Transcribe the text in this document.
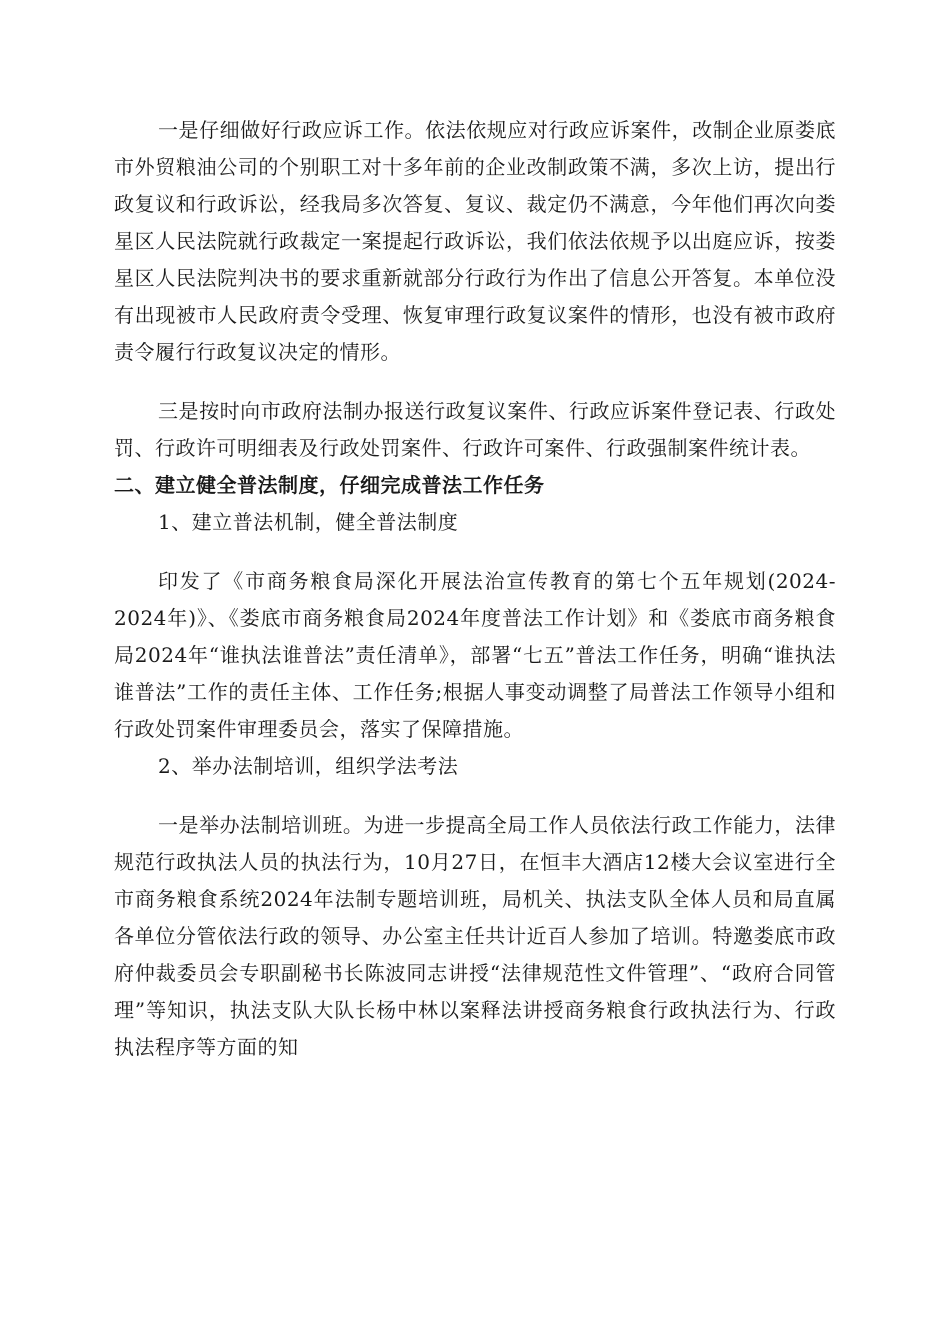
一是仔细做好行政应诉工作。依法依规应对行政应诉案件，改制企业原娄底市外贸粮油公司的个别职工对十多年前的企业改制政策不满，多次上访，提出行政复议和行政诉讼，经我局多次答复、复议、裁定仍不满意，今年他们再次向娄星区人民法院就行政裁定一案提起行政诉讼，我们依法依规予以出庭应诉，按娄星区人民法院判决书的要求重新就部分行政行为作出了信息公开答复。本单位没有出现被市人民政府责令受理、恢复审理行政复议案件的情形，也没有被市政府责令履行行政复议决定的情形。

三是按时向市政府法制办报送行政复议案件、行政应诉案件登记表、行政处罚、行政许可明细表及行政处罚案件、行政许可案件、行政强制案件统计表。

二、建立健全普法制度，仔细完成普法工作任务

1、建立普法机制，健全普法制度

印发了《市商务粮食局深化开展法治宣传教育的第七个五年规划(2024-2024年)》、《娄底市商务粮食局2024年度普法工作计划》和《娄底市商务粮食局2024年“谁执法谁普法”责任清单》，部署“七五”普法工作任务，明确“谁执法谁普法”工作的责任主体、工作任务;根据人事变动调整了局普法工作领导小组和行政处罚案件审理委员会，落实了保障措施。

2、举办法制培训，组织学法考法

一是举办法制培训班。为进一步提高全局工作人员依法行政工作能力，法律规范行政执法人员的执法行为，10月27日，在恒丰大酒店12楼大会议室进行全市商务粮食系统2024年法制专题培训班，局机关、执法支队全体人员和局直属各单位分管依法行政的领导、办公室主任共计近百人参加了培训。特邀娄底市政府仲裁委员会专职副秘书长陈波同志讲授“法律规范性文件管理”、“政府合同管理”等知识，执法支队大队长杨中林以案释法讲授商务粮食行政执法行为、行政执法程序等方面的知
